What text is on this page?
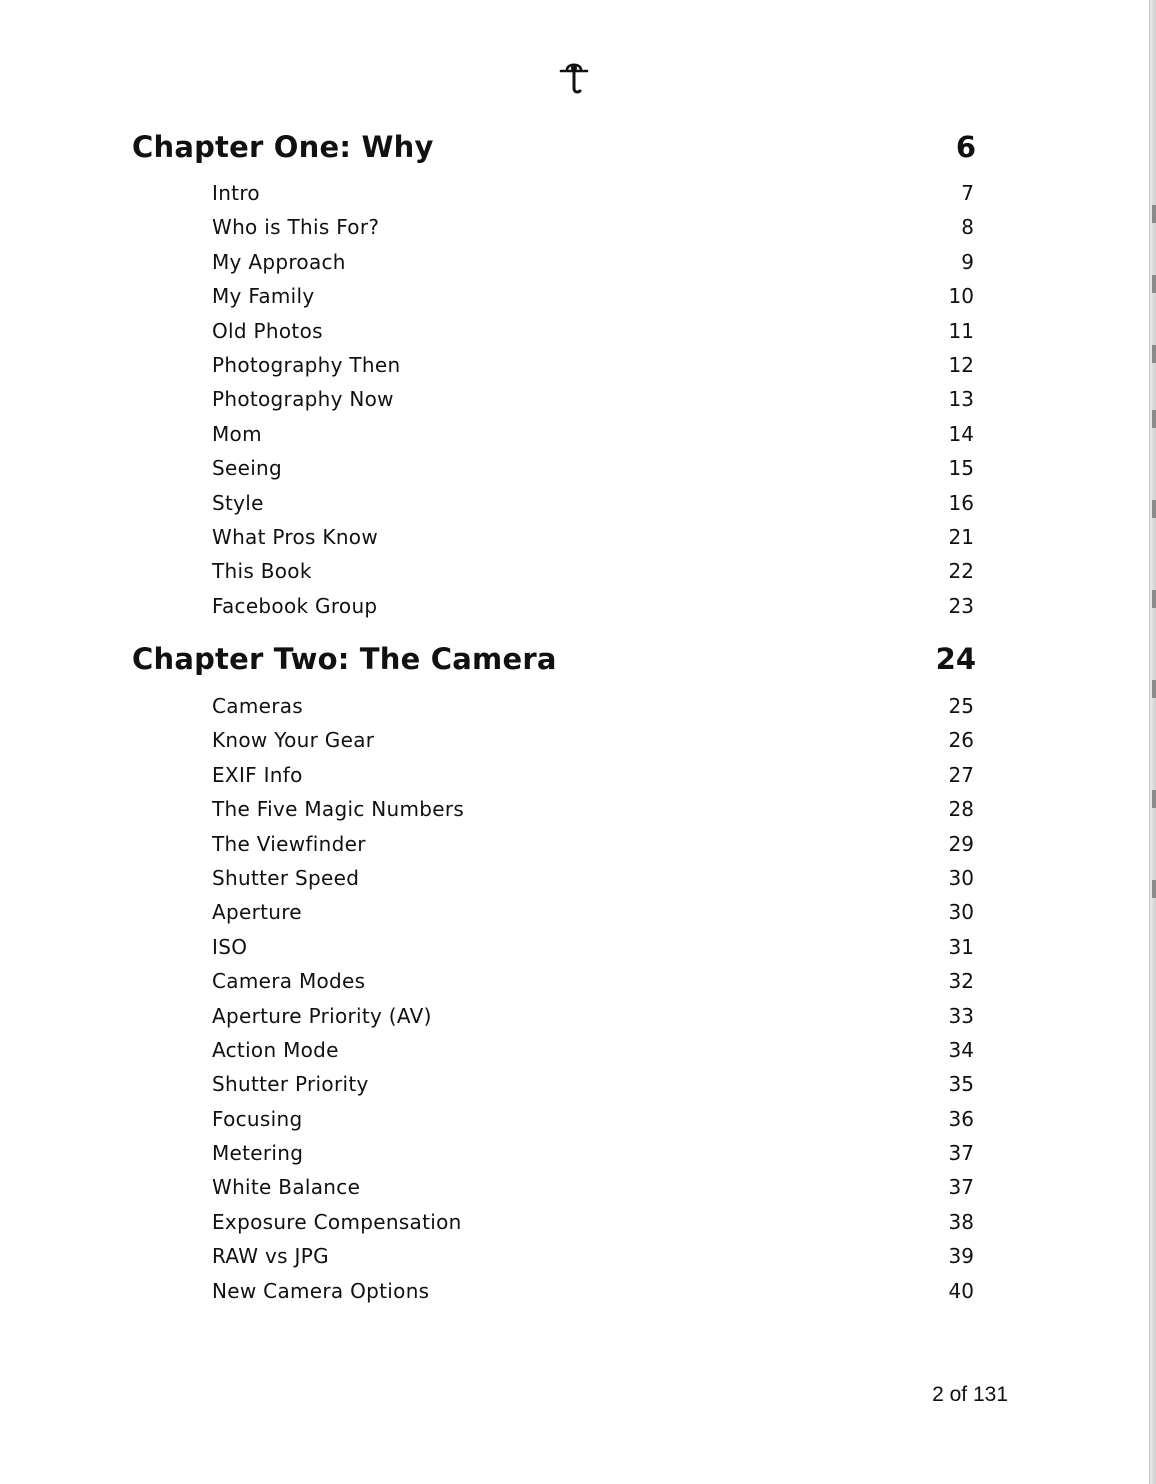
Chapter One: Why	6
Intro	7
Who is This For?	8
My Approach	9
My Family	10
Old Photos	11
Photography Then	12
Photography Now	13
Mom	14
Seeing	15
Style	16
What Pros Know	21
This Book	22
Facebook Group	23
Chapter Two: The Camera	24
Cameras	25
Know Your Gear	26
EXIF Info	27
The Five Magic Numbers	28
The Viewfinder	29
Shutter Speed	30
Aperture	30
ISO	31
Camera Modes	32
Aperture Priority (AV)	33
Action Mode	34
Shutter Priority	35
Focusing	36
Metering	37
White Balance	37
Exposure Compensation	38
RAW vs JPG	39
New Camera Options	40
2 of 131
